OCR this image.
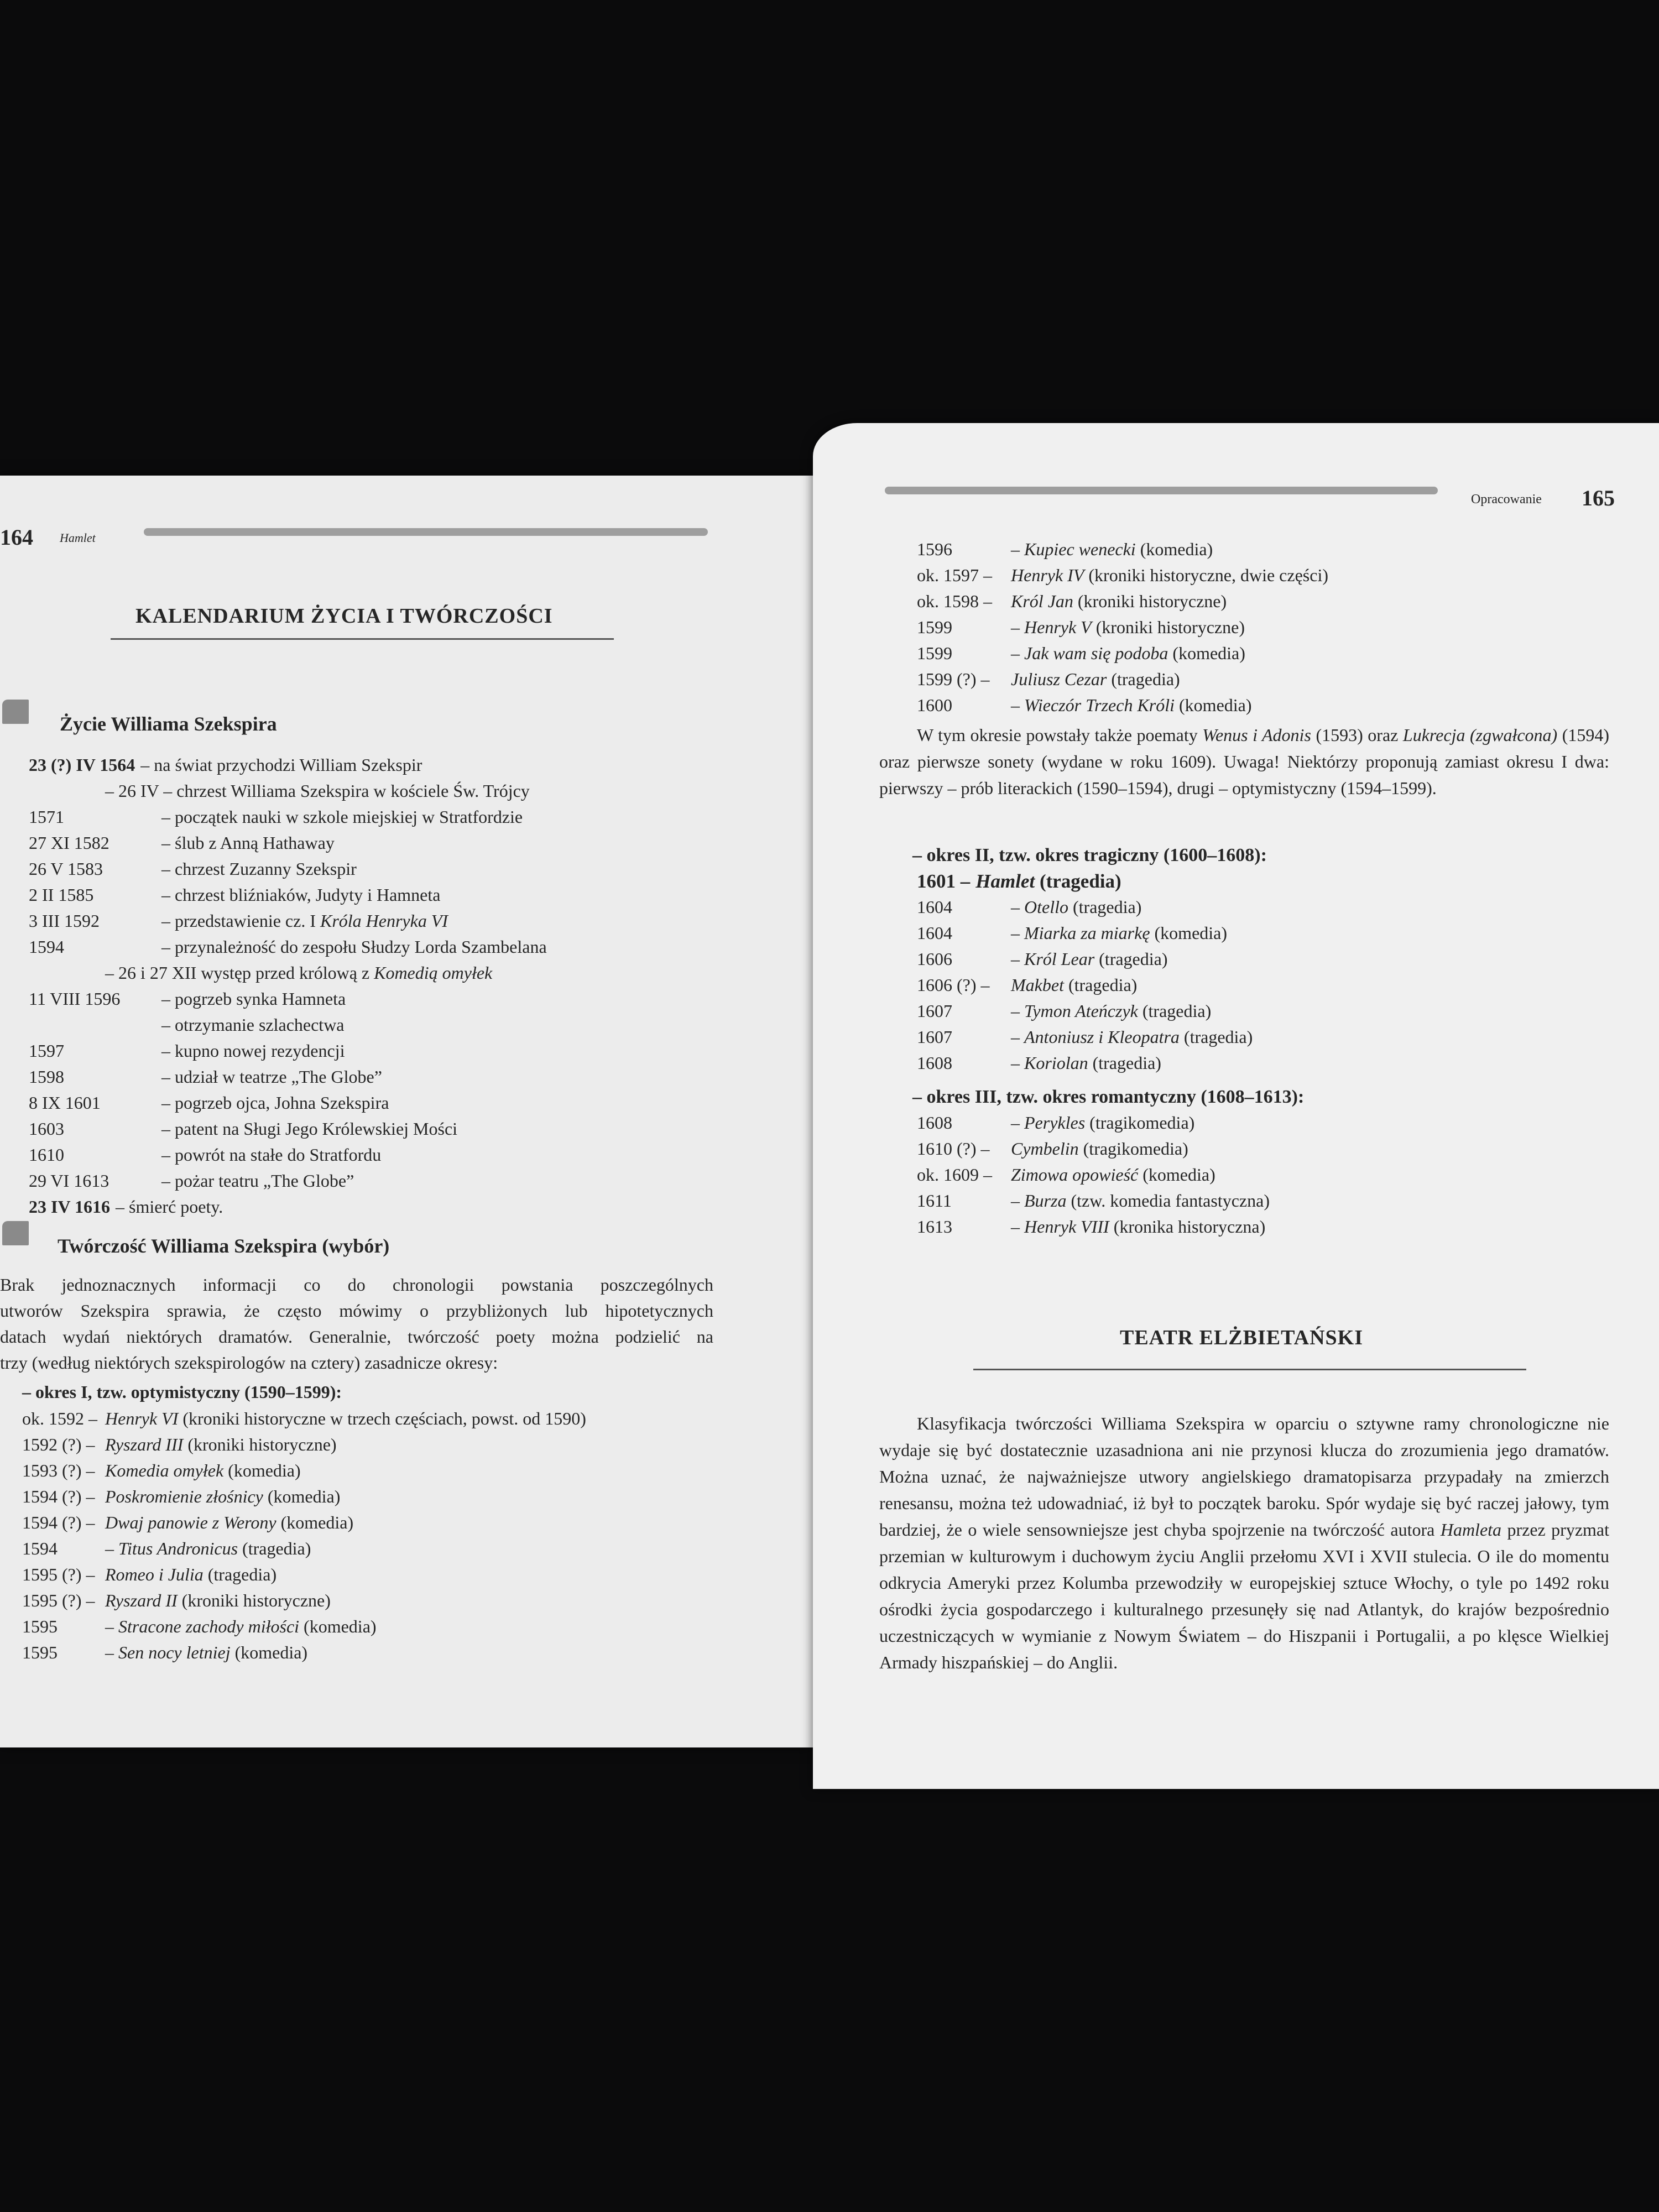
164 Hamlet
KALENDARIUM ŻYCIA I TWÓRCZOŚCI
Życie Williama Szekspira
23 (?) IV 1564 – na świat przychodzi William Szekspir
– 26 IV – chrzest Williama Szekspira w kościele Św. Trójcy
1571	– początek nauki w szkole miejskiej w Stratfordzie
27 XI 1582	– ślub z Anną Hathaway
26 V 1583	– chrzest Zuzanny Szekspir
2 II 1585	– chrzest bliźniaków, Judyty i Hamneta
3 III 1592	– przedstawienie cz. I Króla Henryka VI
1594	– przynależność do zespołu Słudzy Lorda Szambelana
– 26 i 27 XII występ przed królową z Komedią omyłek
11 VIII 1596 – pogrzeb synka Hamneta
– otrzymanie szlachectwa
1597	– kupno nowej rezydencji
1598	– udział w teatrze „The Globe”
8 IX 1601	– pogrzeb ojca, Johna Szekspira
1603	– patent na Sługi Jego Królewskiej Mości
1610	– powrót na stałe do Stratfordu
29 VI 1613	– pożar teatru „The Globe”
23 IV 1616 – śmierć poety.
Twórczość Williama Szekspira (wybór)
Brak jednoznacznych informacji co do chronologii powstania poszczególnych
utworów Szekspira sprawia, że często mówimy o przybliżonych lub hipotetycznych
datach wydań niektórych dramatów. Generalnie, twórczość poety można podzielić na
trzy (według niektórych szekspirologów na cztery) zasadnicze okresy:
– okres I, tzw. optymistyczny (1590–1599):
ok. 1592 – Henryk VI (kroniki historyczne w trzech częściach, powst. od 1590)
1592 (?) – Ryszard III (kroniki historyczne)
1593 (?) – Komedia omyłek (komedia)
1594 (?) – Poskromienie złośnicy (komedia)
1594 (?) – Dwaj panowie z Werony (komedia)
1594	– Titus Andronicus (tragedia)
1595 (?) – Romeo i Julia (tragedia)
1595 (?) – Ryszard II (kroniki historyczne)
1595	– Stracone zachody miłości (komedia)
1595	– Sen nocy letniej (komedia)
Opracowanie 165
1596	– Kupiec wenecki (komedia)
ok. 1597 – Henryk IV (kroniki historyczne, dwie części)
ok. 1598 – Król Jan (kroniki historyczne)
1599	– Henryk V (kroniki historyczne)
1599	– Jak wam się podoba (komedia)
1599 (?) – Juliusz Cezar (tragedia)
1600	– Wieczór Trzech Króli (komedia)

W tym okresie powstały także poematy Wenus i Adonis (1593) oraz Lukrecja (zgwałcona) (1594) oraz pierwsze sonety (wydane w roku 1609). Uwaga! Niektórzy proponują zamiast okresu I dwa: pierwszy – prób literackich (1590–1594), drugi – optymistyczny (1594–1599).

– okres II, tzw. okres tragiczny (1600–1608):
1601 – Hamlet (tragedia)
1604	– Otello (tragedia)
1604	– Miarka za miarkę (komedia)
1606	– Król Lear (tragedia)
1606 (?) – Makbet (tragedia)
1607	– Tymon Ateńczyk (tragedia)
1607	– Antoniusz i Kleopatra (tragedia)
1608	– Koriolan (tragedia)
– okres III, tzw. okres romantyczny (1608–1613):
1608	– Perykles (tragikomedia)
1610 (?) – Cymbelin (tragikomedia)
ok. 1609 – Zimowa opowieść (komedia)
1611	– Burza (tzw. komedia fantastyczna)
1613	– Henryk VIII (kronika historyczna)
TEATR ELŻBIETAŃSKI

Klasyfikacja twórczości Williama Szekspira w oparciu o sztywne ramy chronologiczne nie wydaje się być dostatecznie uzasadniona ani nie przynosi klucza do zrozumienia jego dramatów. Można uznać, że najważniejsze utwory angielskiego dramatopisarza przypadały na zmierzch renesansu, można też udowadniać, iż był to początek baroku. Spór wydaje się być raczej jałowy, tym bardziej, że o wiele sensowniejsze jest chyba spojrzenie na twórczość autora Hamleta przez pryzmat przemian w kulturowym i duchowym życiu Anglii przełomu XVI i XVII stulecia. O ile do momentu odkrycia Ameryki przez Kolumba przewodziły w europejskiej sztuce Włochy, o tyle po 1492 roku ośrodki życia gospodarczego i kulturalnego przesunęły się nad Atlantyk, do krajów bezpośrednio uczestniczących w wymianie z Nowym Światem – do Hiszpanii i Portugalii, a po klęsce Wielkiej Armady hiszpańskiej – do Anglii.
